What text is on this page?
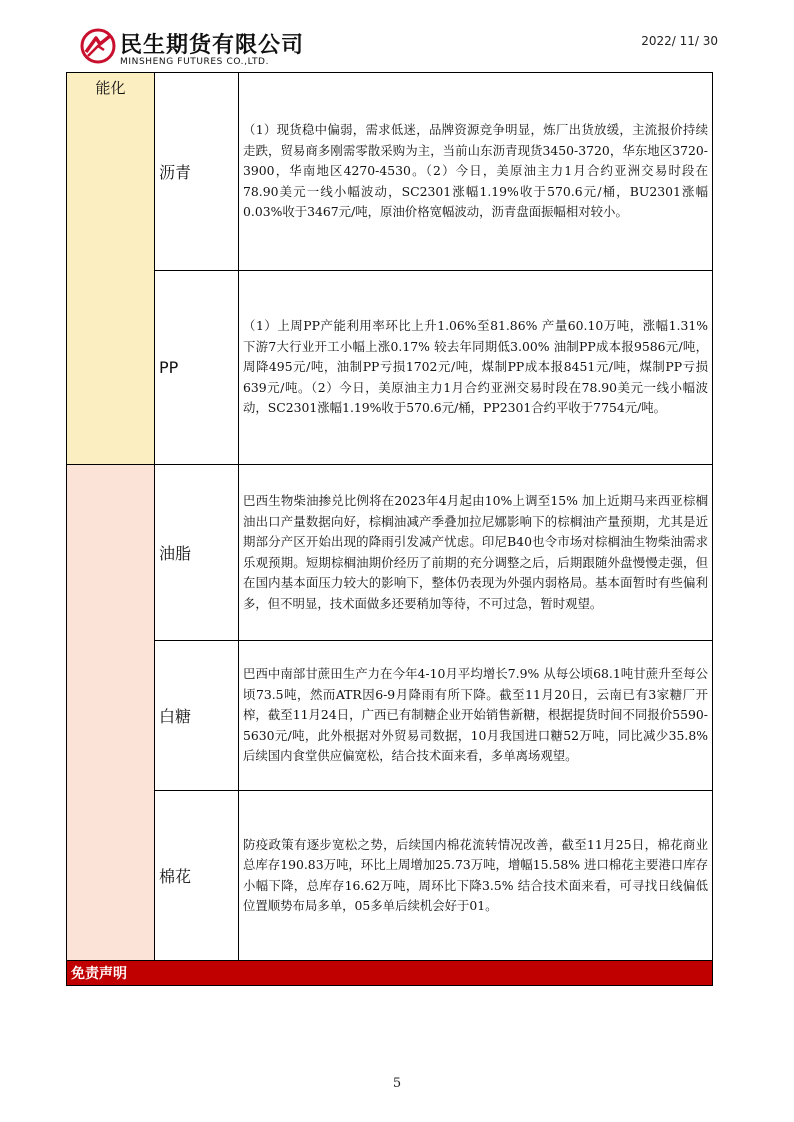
民生期货有限公司
MINSHENG FUTURES CO.,LTD.
2022/ 11/ 30
能化	沥青	（1）现货稳中偏弱，需求低迷，品牌资源竞争明显，炼厂出货放缓，主流报价持续走跌，贸易商多刚需零散采购为主，当前山东沥青现货3450-3720，华东地区3720-3900，华南地区4270-4530。（2）今日，美原油主力1月合约亚洲交易时段在78.90美元一线小幅波动，SC2301涨幅1.19%收于570.6元/桶，BU2301涨幅0.03%收于3467元/吨，原油价格宽幅波动，沥青盘面振幅相对较小。

	PP	（1）上周PP产能利用率环比上升1.06%至81.86% 产量60.10万吨，涨幅1.31% 下游7大行业开工小幅上涨0.17% 较去年同期低3.00% 油制PP成本报9586元/吨，周降495元/吨，油制PP亏损1702元/吨，煤制PP成本报8451元/吨，煤制PP亏损639元/吨。（2）今日，美原油主力1月合约亚洲交易时段在78.90美元一线小幅波动，SC2301涨幅1.19%收于570.6元/桶，PP2301合约平收于7754元/吨。

	油脂	巴西生物柴油掺兑比例将在2023年4月起由10%上调至15% 加上近期马来西亚棕榈油出口产量数据向好，棕榈油减产季叠加拉尼娜影响下的棕榈油产量预期，尤其是近期部分产区开始出现的降雨引发减产忧虑。印尼B40也令市场对棕榈油生物柴油需求乐观预期。短期棕榈油期价经历了前期的充分调整之后，后期跟随外盘慢慢走强，但在国内基本面压力较大的影响下，整体仍表现为外强内弱格局。基本面暂时有些偏利多，但不明显，技术面做多还要稍加等待，不可过急，暂时观望。

	白糖	巴西中南部甘蔗田生产力在今年4-10月平均增长7.9% 从每公顷68.1吨甘蔗升至每公顷73.5吨，然而ATR因6-9月降雨有所下降。截至11月20日，云南已有3家糖厂开榨，截至11月24日，广西已有制糖企业开始销售新糖，根据提货时间不同报价5590-5630元/吨，此外根据对外贸易司数据，10月我国进口糖52万吨，同比减少35.8% 后续国内食堂供应偏宽松，结合技术面来看，多单离场观望。

	棉花	防疫政策有逐步宽松之势，后续国内棉花流转情况改善，截至11月25日，棉花商业总库存190.83万吨，环比上周增加25.73万吨，增幅15.58% 进口棉花主要港口库存小幅下降，总库存16.62万吨，周环比下降3.5% 结合技术面来看，可寻找日线偏低位置顺势布局多单，05多单后续机会好于01。

免责声明		
5
